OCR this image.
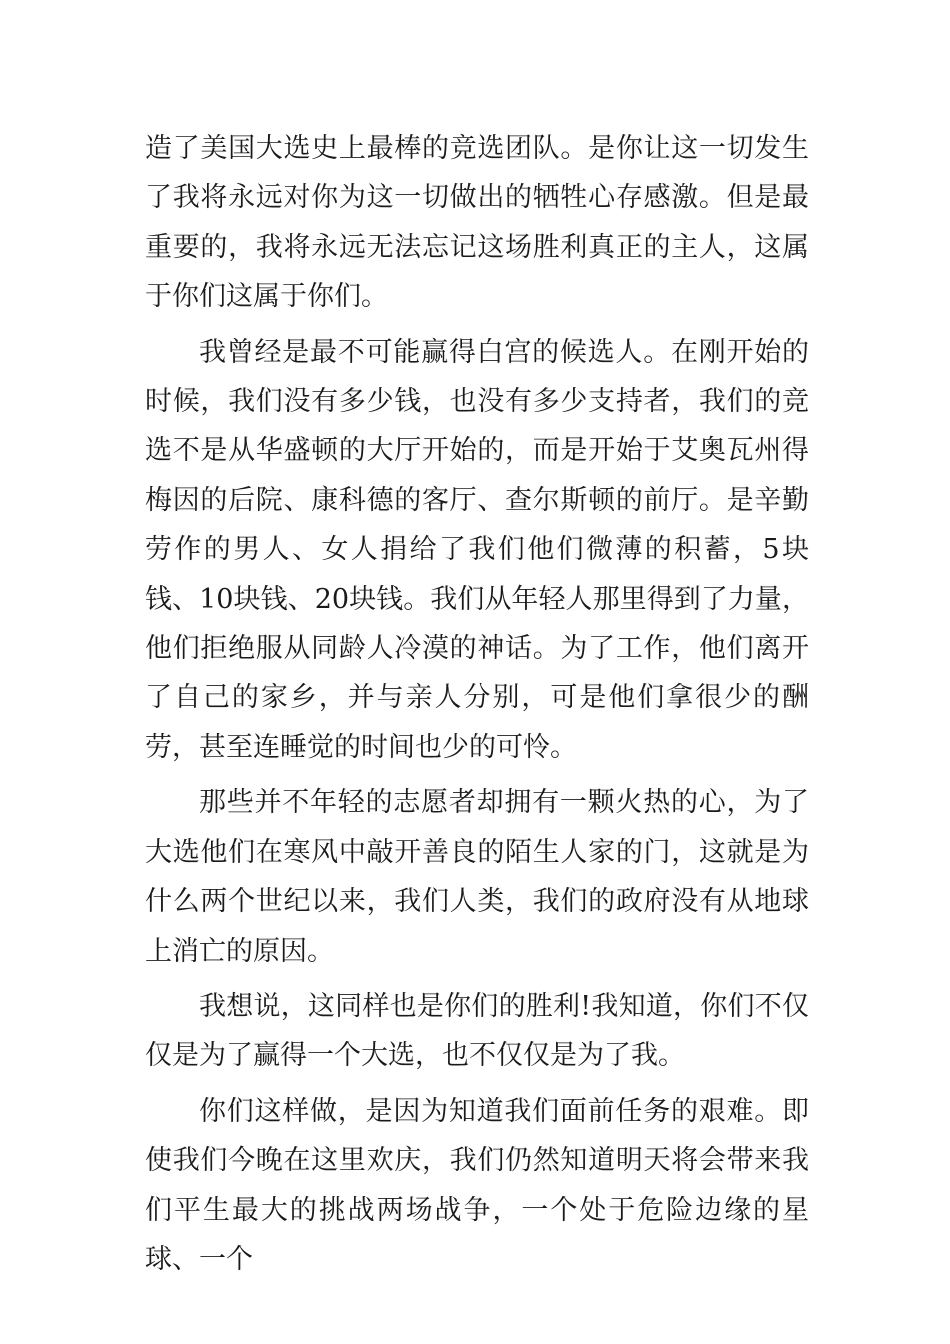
造了美国大选史上最棒的竞选团队。是你让这一切发生了我将永远对你为这一切做出的牺牲心存感激。但是最重要的，我将永远无法忘记这场胜利真正的主人，这属于你们这属于你们。

我曾经是最不可能赢得白宫的候选人。在刚开始的时候，我们没有多少钱，也没有多少支持者，我们的竞选不是从华盛顿的大厅开始的，而是开始于艾奥瓦州得梅因的后院、康科德的客厅、查尔斯顿的前厅。是辛勤劳作的男人、女人捐给了我们他们微薄的积蓄，5块钱、10块钱、20块钱。我们从年轻人那里得到了力量，他们拒绝服从同龄人冷漠的神话。为了工作，他们离开了自己的家乡，并与亲人分别，可是他们拿很少的酬劳，甚至连睡觉的时间也少的可怜。

那些并不年轻的志愿者却拥有一颗火热的心，为了大选他们在寒风中敲开善良的陌生人家的门，这就是为什么两个世纪以来，我们人类，我们的政府没有从地球上消亡的原因。

我想说，这同样也是你们的胜利!我知道，你们不仅仅是为了赢得一个大选，也不仅仅是为了我。

你们这样做，是因为知道我们面前任务的艰难。即使我们今晚在这里欢庆，我们仍然知道明天将会带来我们平生最大的挑战两场战争，一个处于危险边缘的星球、一个
